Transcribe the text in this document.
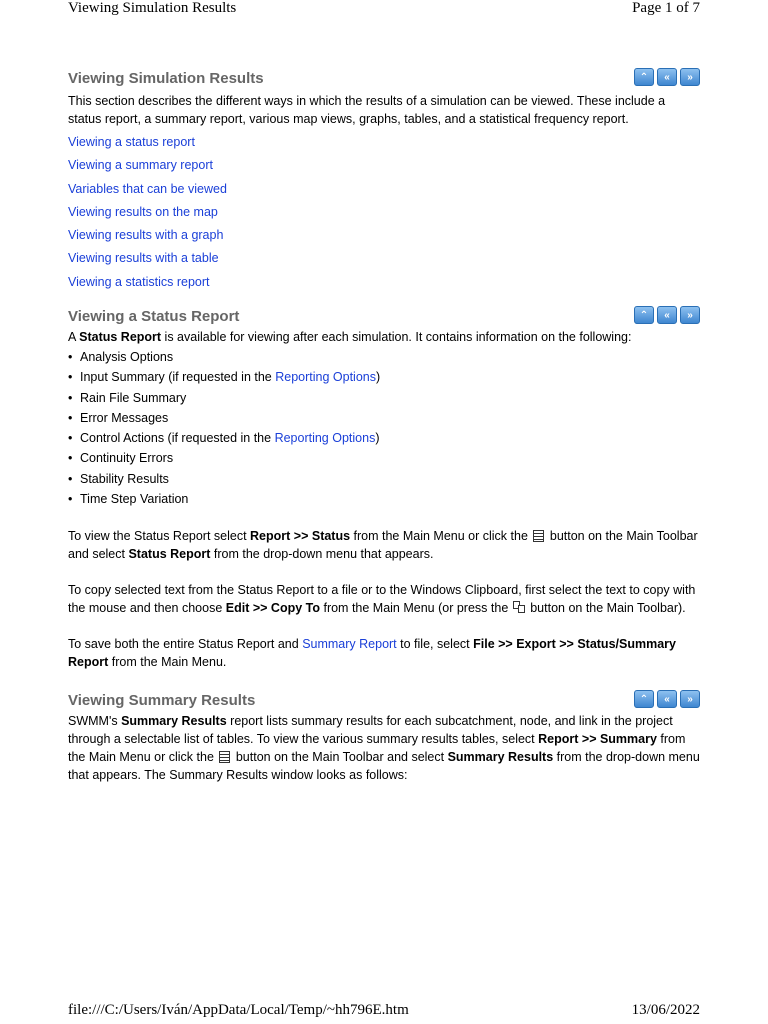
Viewing Simulation Results	Page 1 of 7
Viewing Simulation Results	⌃	«	»

This section describes the different ways in which the results of a simulation can be viewed. These include a status report, a summary report, various map views, graphs, tables, and a statistical frequency report.

Viewing a status report
Viewing a summary report
Variables that can be viewed
Viewing results on the map
Viewing results with a graph
Viewing results with a table
Viewing a statistics report
Viewing a Status Report	⌃	«	»

A Status Report is available for viewing after each simulation. It contains information on the following:

• Analysis Options
• Input Summary (if requested in the Reporting Options)
• Rain File Summary
• Error Messages
• Control Actions (if requested in the Reporting Options)
• Continuity Errors
• Stability Results
• Time Step Variation

To view the Status Report select Report >> Status from the Main Menu or click the  button on the Main Toolbar and select Status Report from the drop-down menu that appears.

To copy selected text from the Status Report to a file or to the Windows Clipboard, first select the text to copy with the mouse and then choose Edit >> Copy To from the Main Menu (or press the
button on the Main Toolbar).

To save both the entire Status Report and Summary Report to file, select File >> Export >> Status/Summary Report from the Main Menu.

Viewing Summary Results	⌃	«	»

SWMM's Summary Results report lists summary results for each subcatchment, node, and link in the project through a selectable list of tables. To view the various summary results tables, select Report >> Summary from the Main Menu or click the  button on the Main Toolbar and select Summary Results from the drop-down menu that appears. The Summary Results window looks as follows:

file:///C:/Users/Iván/AppData/Local/Temp/~hh796E.htm	13/06/2022
